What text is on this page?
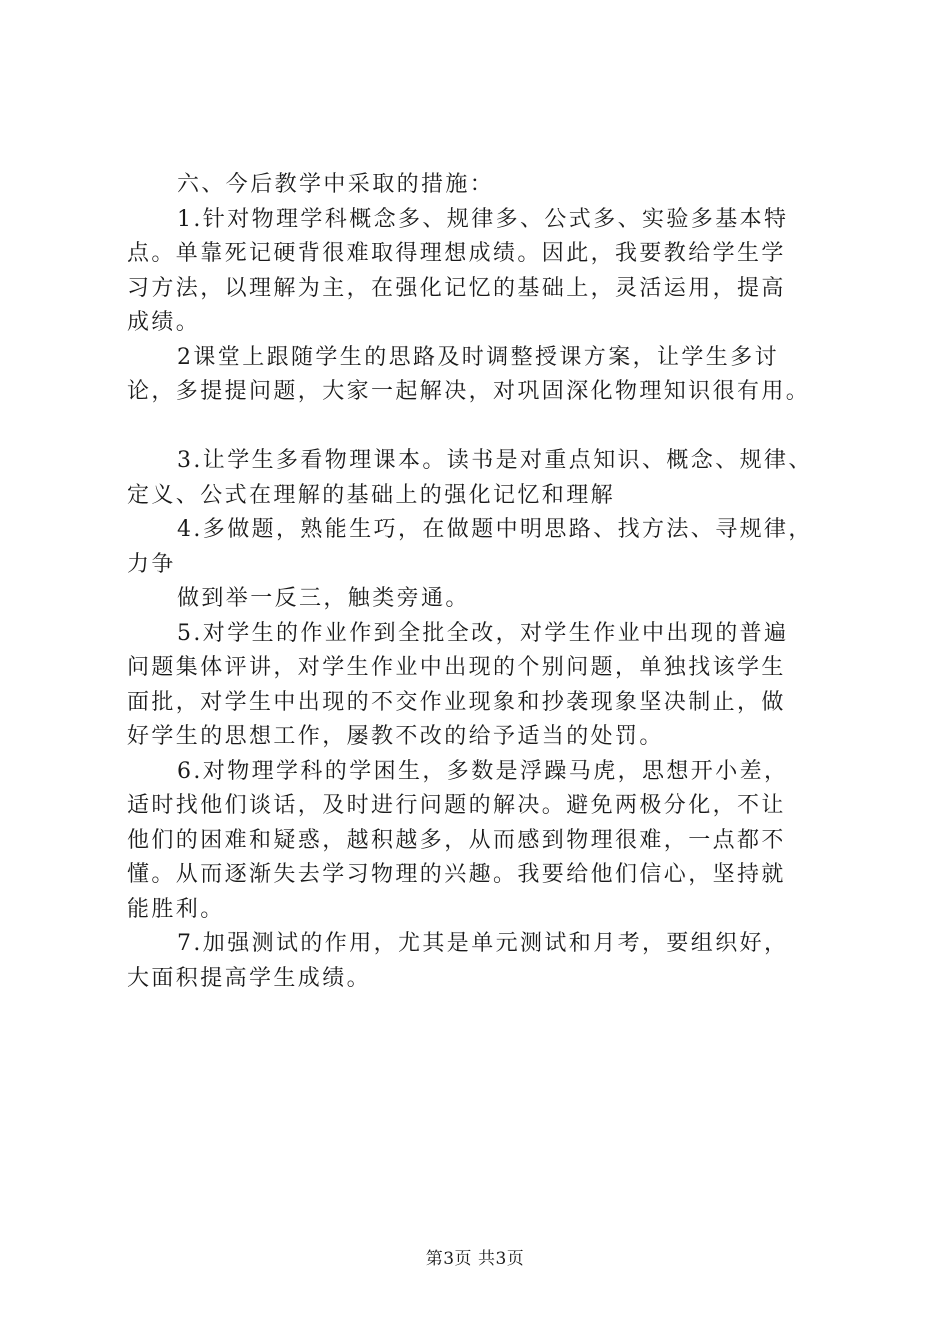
六、今后教学中采取的措施：
1.针对物理学科概念多、规律多、公式多、实验多基本特
点。单靠死记硬背很难取得理想成绩。因此，我要教给学生学
习方法，以理解为主，在强化记忆的基础上，灵活运用，提高
成绩。
2课堂上跟随学生的思路及时调整授课方案，让学生多讨
论，多提提问题，大家一起解决，对巩固深化物理知识很有用。
3.让学生多看物理课本。读书是对重点知识、概念、规律、
定义、公式在理解的基础上的强化记忆和理解
4.多做题，熟能生巧，在做题中明思路、找方法、寻规律，
力争
做到举一反三，触类旁通。
5.对学生的作业作到全批全改，对学生作业中出现的普遍
问题集体评讲，对学生作业中出现的个别问题，单独找该学生
面批，对学生中出现的不交作业现象和抄袭现象坚决制止，做
好学生的思想工作，屡教不改的给予适当的处罚。
6.对物理学科的学困生，多数是浮躁马虎，思想开小差，
适时找他们谈话，及时进行问题的解决。避免两极分化，不让
他们的困难和疑惑，越积越多，从而感到物理很难，一点都不
懂。从而逐渐失去学习物理的兴趣。我要给他们信心，坚持就
能胜利。
7.加强测试的作用，尤其是单元测试和月考，要组织好，
大面积提高学生成绩。
第3页 共3页
